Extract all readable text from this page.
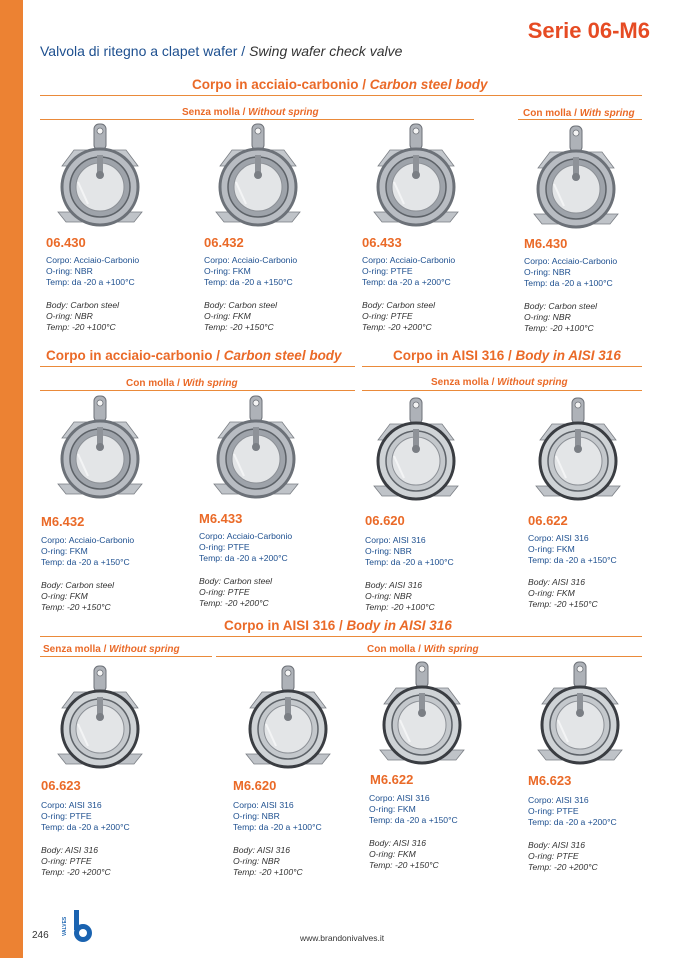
Serie 06-M6
Valvola di ritegno a clapet wafer / Swing wafer check valve
Corpo in acciaio-carbonio / Carbon steel body
Senza molla / Without spring	Con molla / With spring
Corpo in acciaio-carbonio / Carbon steel body	Corpo in AISI 316 / Body in AISI 316
Con molla / With spring	Senza molla / Without spring
Corpo in AISI 316 / Body in AISI 316
Senza molla / Without spring	Con molla / With spring
06.430
Corpo: Acciaio-Carbonio
O-ring: NBR
Temp: da -20 a +100°C
Body: Carbon steel
O-ring: NBR
Temp: -20 +100°C
06.432
Corpo: Acciaio-Carbonio
O-ring: FKM
Temp: da -20 a +150°C
Body: Carbon steel
O-ring: FKM
Temp: -20 +150°C
06.433
Corpo: Acciaio-Carbonio
O-ring: PTFE
Temp: da -20 a +200°C
Body: Carbon steel
O-ring: PTFE
Temp: -20 +200°C
M6.430
Corpo: Acciaio-Carbonio
O-ring: NBR
Temp: da -20 a +100°C
Body: Carbon steel
O-ring: NBR
Temp: -20 +100°C
M6.432
Corpo: Acciaio-Carbonio
O-ring: FKM
Temp: da -20 a +150°C
Body: Carbon steel
O-ring: FKM
Temp: -20 +150°C
M6.433
Corpo: Acciaio-Carbonio
O-ring: PTFE
Temp: da -20 a +200°C
Body: Carbon steel
O-ring: PTFE
Temp: -20 +200°C
06.620
Corpo: AISI 316
O-ring: NBR
Temp: da -20 a +100°C
Body: AISI 316
O-ring: NBR
Temp: -20 +100°C
06.622
Corpo: AISI 316
O-ring: FKM
Temp: da -20 a +150°C
Body: AISI 316
O-ring: FKM
Temp: -20 +150°C
06.623
Corpo: AISI 316
O-ring: PTFE
Temp: da -20 a +200°C
Body: AISI 316
O-ring: PTFE
Temp: -20 +200°C
M6.620
Corpo: AISI 316
O-ring: NBR
Temp: da -20 a +100°C
Body: AISI 316
O-ring: NBR
Temp: -20 +100°C
M6.622
Corpo: AISI 316
O-ring: FKM
Temp: da -20 a +150°C
Body: AISI 316
O-ring: FKM
Temp: -20 +150°C
M6.623
Corpo: AISI 316
O-ring: PTFE
Temp: da -20 a +200°C
Body: AISI 316
O-ring: PTFE
Temp: -20 +200°C
246	VALVES
www.brandonivalves.it
